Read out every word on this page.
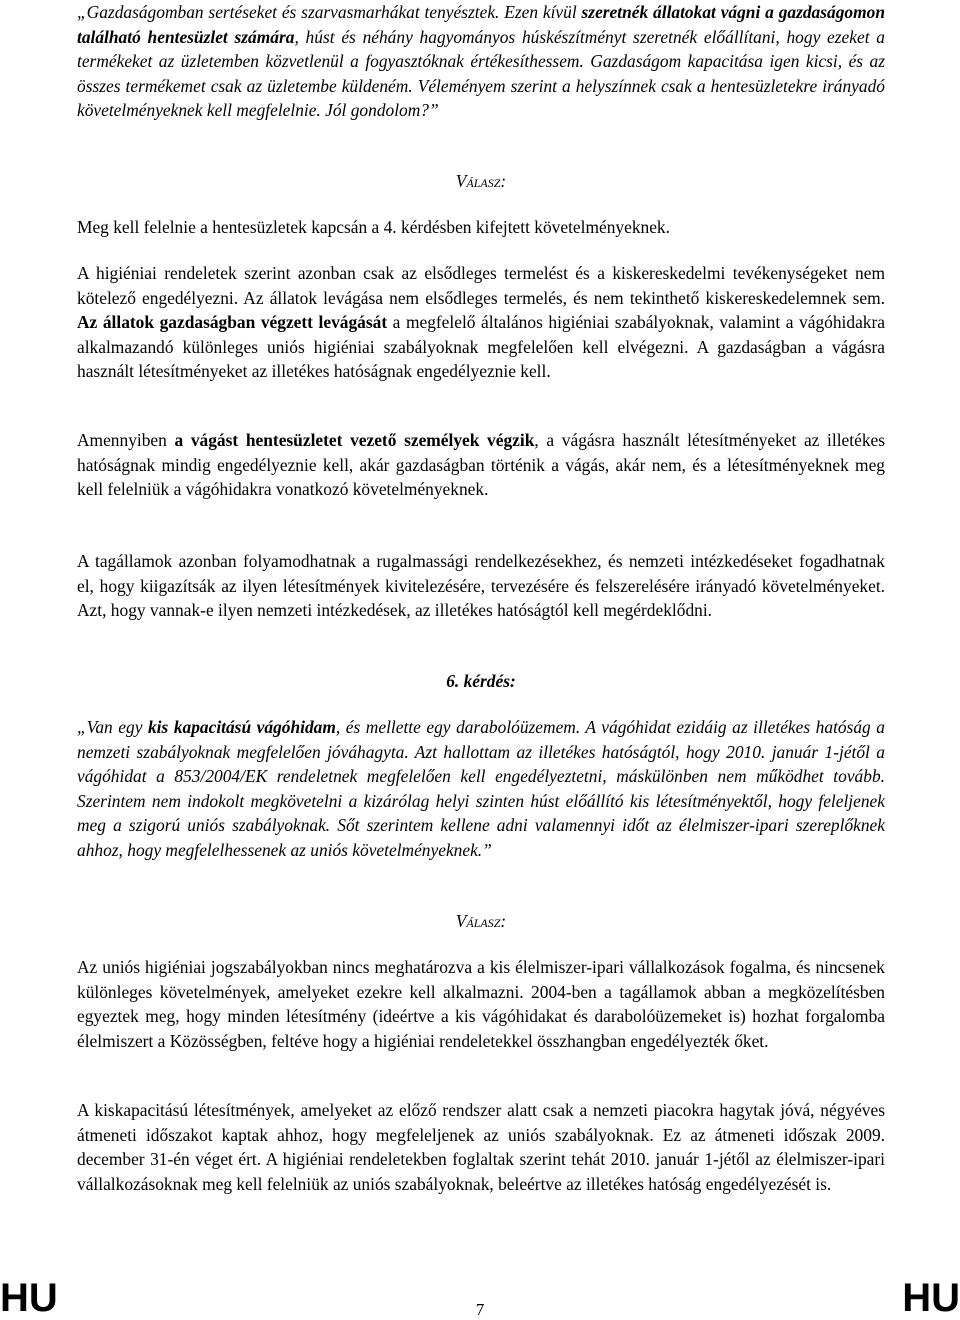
„Gazdaságomban sertéseket és szarvasmarhákat tenyésztek. Ezen kívül szeretnék állatokat vágni a gazdaságomon található hentesüzlet számára, húst és néhány hagyományos húskészítményt szeretnék előállítani, hogy ezeket a termékeket az üzletemben közvetlenül a fogyasztóknak értékesíthessem. Gazdaságom kapacitása igen kicsi, és az összes termékemet csak az üzletembe küldeném. Véleményem szerint a helyszínnek csak a hentesüzletekre irányadó követelményeknek kell megfelelnie. Jól gondolom?”

Válasz:

Meg kell felelnie a hentesüzletek kapcsán a 4. kérdésben kifejtett követelményeknek.

A higiéniai rendeletek szerint azonban csak az elsődleges termelést és a kiskereskedelmi tevékenységeket nem kötelező engedélyezni. Az állatok levágása nem elsődleges termelés, és nem tekinthető kiskereskedelemnek sem. Az állatok gazdaságban végzett levágását a megfelelő általános higiéniai szabályoknak, valamint a vágóhidakra alkalmazandó különleges uniós higiéniai szabályoknak megfelelően kell elvégezni. A gazdaságban a vágásra használt létesítményeket az illetékes hatóságnak engedélyeznie kell.

Amennyiben a vágást hentesüzletet vezető személyek végzik, a vágásra használt létesítményeket az illetékes hatóságnak mindig engedélyeznie kell, akár gazdaságban történik a vágás, akár nem, és a létesítményeknek meg kell felelniük a vágóhidakra vonatkozó követelményeknek.

A tagállamok azonban folyamodhatnak a rugalmassági rendelkezésekhez, és nemzeti intézkedéseket fogadhatnak el, hogy kiigazítsák az ilyen létesítmények kivitelezésére, tervezésére és felszerelésére irányadó követelményeket. Azt, hogy vannak-e ilyen nemzeti intézkedések, az illetékes hatóságtól kell megérdeklődni.

6. kérdés:

„Van egy kis kapacitású vágóhidam, és mellette egy darabolóüzemem. A vágóhidat ezidáig az illetékes hatóság a nemzeti szabályoknak megfelelően jóváhagyta. Azt hallottam az illetékes hatóságtól, hogy 2010. január 1-jétől a vágóhidat a 853/2004/EK rendeletnek megfelelően kell engedélyeztetni, máskülönben nem működhet tovább. Szerintem nem indokolt megkövetelni a kizárólag helyi szinten húst előállító kis létesítményektől, hogy feleljenek meg a szigorú uniós szabályoknak. Sőt szerintem kellene adni valamennyi időt az élelmiszer-ipari szereplőknek ahhoz, hogy megfelelhessenek az uniós követelményeknek.”

Válasz:

Az uniós higiéniai jogszabályokban nincs meghatározva a kis élelmiszer-ipari vállalkozások fogalma, és nincsenek különleges követelmények, amelyeket ezekre kell alkalmazni. 2004-ben a tagállamok abban a megközelítésben egyeztek meg, hogy minden létesítmény (ideértve a kis vágóhidakat és darabolóüzemeket is) hozhat forgalomba élelmiszert a Közösségben, feltéve hogy a higiéniai rendeletekkel összhangban engedélyezték őket.

A kiskapacitású létesítmények, amelyeket az előző rendszer alatt csak a nemzeti piacokra hagytak jóvá, négyéves átmeneti időszakot kaptak ahhoz, hogy megfeleljenek az uniós szabályoknak. Ez az átmeneti időszak 2009. december 31-én véget ért. A higiéniai rendeletekben foglaltak szerint tehát 2010. január 1-jétől az élelmiszer-ipari vállalkozásoknak meg kell felelniük az uniós szabályoknak, beleértve az illetékes hatóság engedélyezését is.

HU	7	HU
